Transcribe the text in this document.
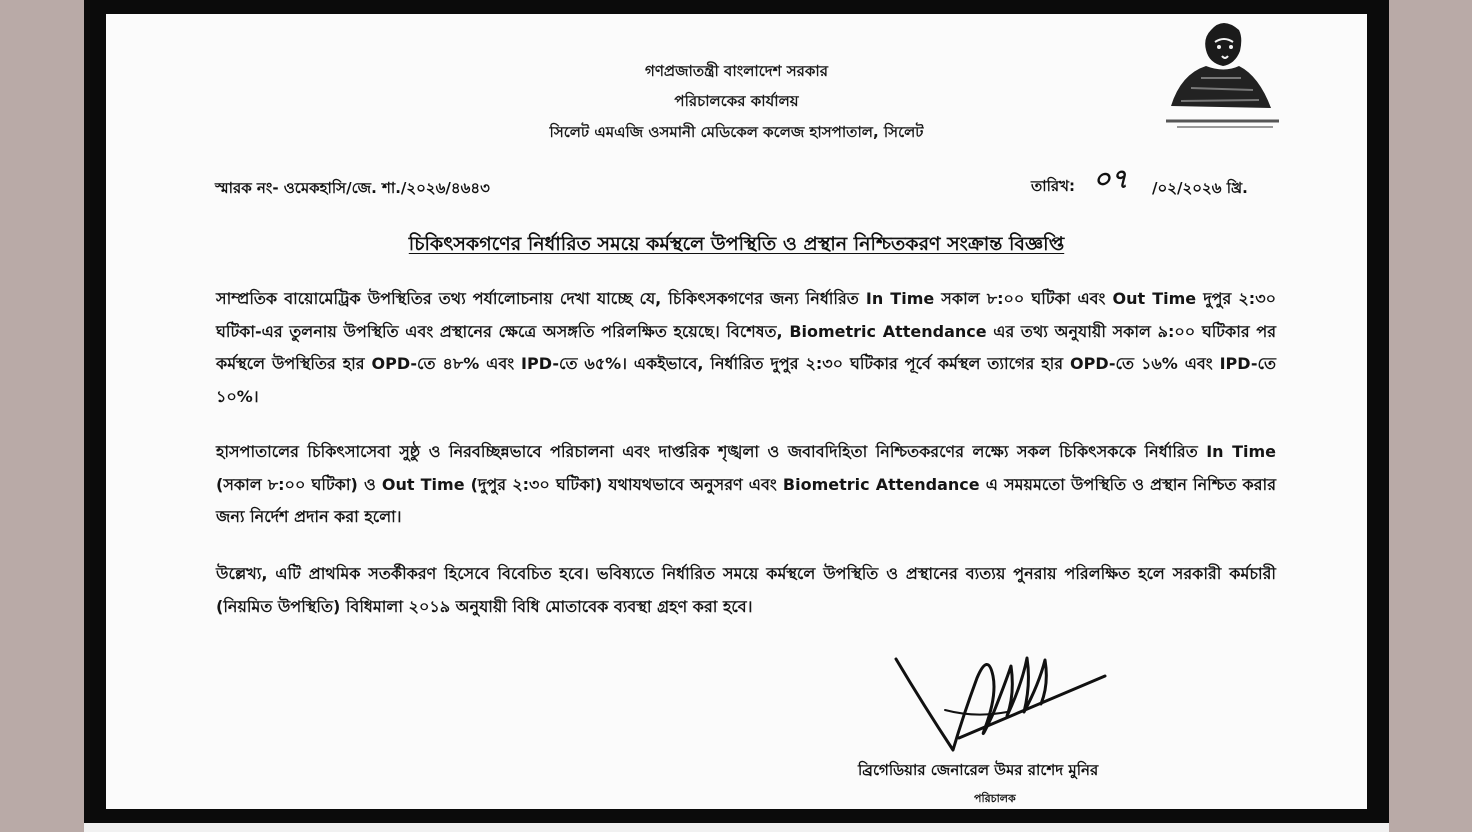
গণপ্রজাতন্ত্রী বাংলাদেশ সরকার
পরিচালকের কার্যালয়
সিলেট এমএজি ওসমানী মেডিকেল কলেজ হাসপাতাল, সিলেট
স্মারক নং- ওমেকহাসি/জে. শা./২০২৬/৪৬৪৩	তারিখ: ০৭ /০২/২০২৬ খ্রি.
চিকিৎসকগণের নির্ধারিত সময়ে কর্মস্থলে উপস্থিতি ও প্রস্থান নিশ্চিতকরণ সংক্রান্ত বিজ্ঞপ্তি

সাম্প্রতিক বায়োমেট্রিক উপস্থিতির তথ্য পর্যালোচনায় দেখা যাচ্ছে যে, চিকিৎসকগণের জন্য নির্ধারিত In Time সকাল ৮:০০ ঘটিকা এবং Out Time দুপুর ২:৩০ ঘটিকা-এর তুলনায় উপস্থিতি এবং প্রস্থানের ক্ষেত্রে অসঙ্গতি পরিলক্ষিত হয়েছে। বিশেষত, Biometric Attendance এর তথ্য অনুযায়ী সকাল ৯:০০ ঘটিকার পর কর্মস্থলে উপস্থিতির হার OPD-তে ৪৮% এবং IPD-তে ৬৫%। একইভাবে, নির্ধারিত দুপুর ২:৩০ ঘটিকার পূর্বে কর্মস্থল ত্যাগের হার OPD-তে ১৬% এবং IPD-তে ১০%।

হাসপাতালের চিকিৎসাসেবা সুষ্ঠু ও নিরবচ্ছিন্নভাবে পরিচালনা এবং দাপ্তরিক শৃঙ্খলা ও জবাবদিহিতা নিশ্চিতকরণের লক্ষ্যে সকল চিকিৎসককে নির্ধারিত In Time (সকাল ৮:০০ ঘটিকা) ও Out Time (দুপুর ২:৩০ ঘটিকা) যথাযথভাবে অনুসরণ এবং Biometric Attendance এ সময়মতো উপস্থিতি ও প্রস্থান নিশ্চিত করার জন্য নির্দেশ প্রদান করা হলো।

উল্লেখ্য, এটি প্রাথমিক সতর্কীকরণ হিসেবে বিবেচিত হবে। ভবিষ্যতে নির্ধারিত সময়ে কর্মস্থলে উপস্থিতি ও প্রস্থানের ব্যত্যয় পুনরায় পরিলক্ষিত হলে সরকারী কর্মচারী (নিয়মিত উপস্থিতি) বিধিমালা ২০১৯ অনুযায়ী বিধি মোতাবেক ব্যবস্থা গ্রহণ করা হবে।

ব্রিগেডিয়ার জেনারেল উমর রাশেদ মুনির
পরিচালক
